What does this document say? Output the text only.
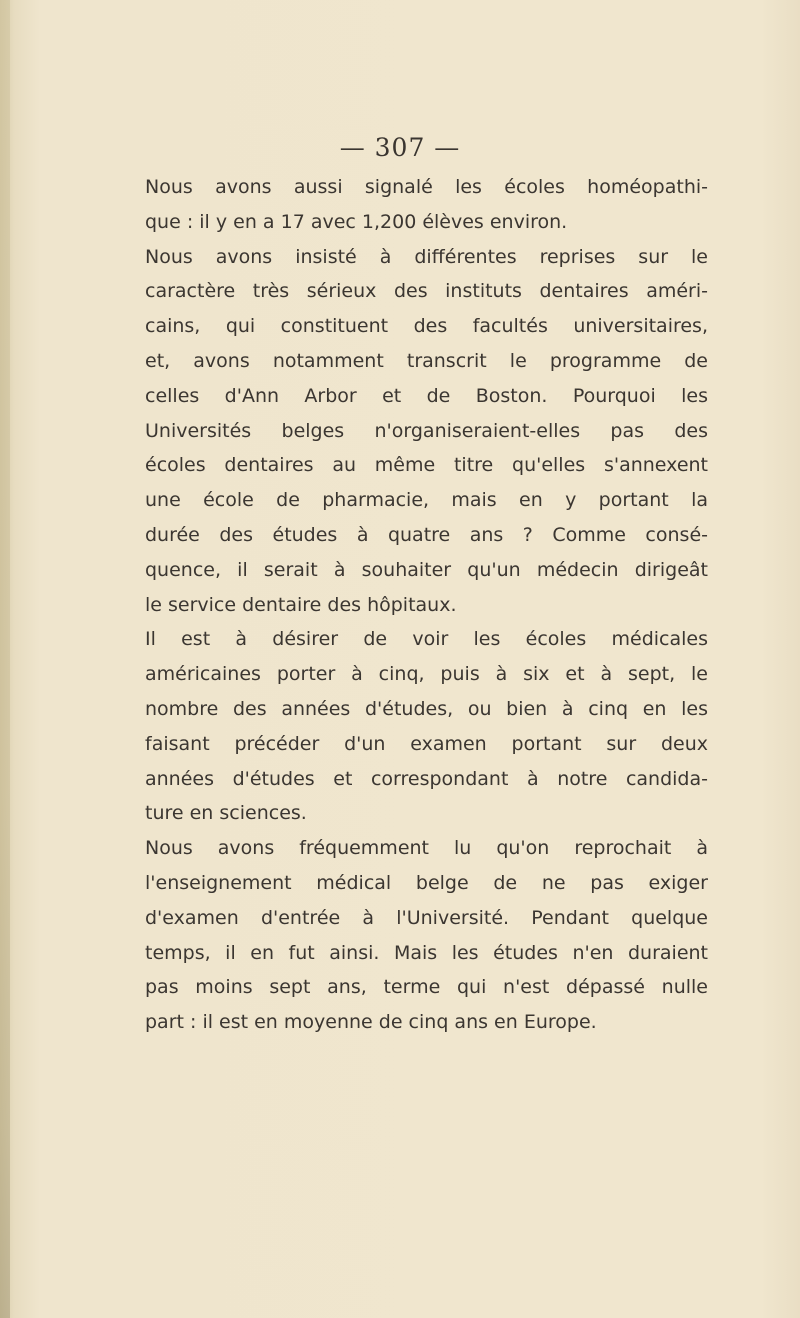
— 307 —
Nous avons aussi signalé les écoles homéopathi-
que : il y en a 17 avec 1,200 élèves environ.
Nous avons insisté à différentes reprises sur le
caractère très sérieux des instituts dentaires améri-
cains, qui constituent des facultés universitaires,
et, avons notamment transcrit le programme de
celles d'Ann Arbor et de Boston. Pourquoi les
Universités belges n'organiseraient-elles pas des
écoles dentaires au même titre qu'elles s'annexent
une école de pharmacie, mais en y portant la
durée des études à quatre ans ? Comme consé-
quence, il serait à souhaiter qu'un médecin dirigeât
le service dentaire des hôpitaux.
Il est à désirer de voir les écoles médicales
américaines porter à cinq, puis à six et à sept, le
nombre des années d'études, ou bien à cinq en les
faisant précéder d'un examen portant sur deux
années d'études et correspondant à notre candida-
ture en sciences.
Nous avons fréquemment lu qu'on reprochait à
l'enseignement médical belge de ne pas exiger
d'examen d'entrée à l'Université. Pendant quelque
temps, il en fut ainsi. Mais les études n'en duraient
pas moins sept ans, terme qui n'est dépassé nulle
part : il est en moyenne de cinq ans en Europe.
